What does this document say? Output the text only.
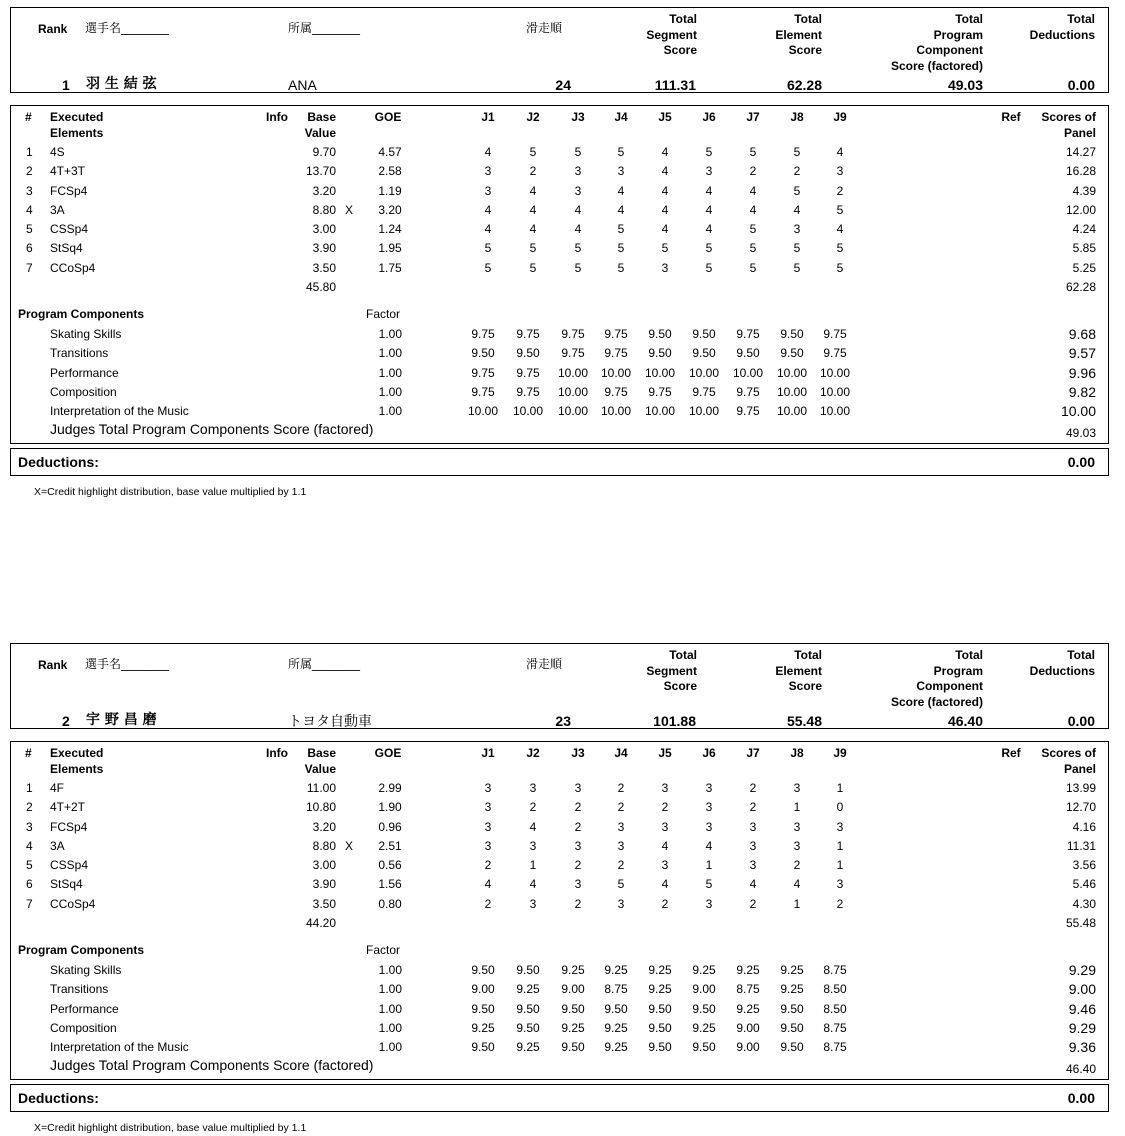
Rank 選手名________	所属________	滑走順
Total
Segment
Score
Total
Element
Score
Total
Program
Component
Score (factored)
Total
Deductions
1 羽 生 結 弦	ANA	24	111.31	62.28	49.03	0.00
# Executed
Elements
Info	Base
Value
GOE	J1	J2	J3	J4	J5	J6	J7	J8	J9	Ref	Scores of
Panel
1 4S	9.70	4.57	4	5	5	5	4	5	5	5	4	14.27
2 4T+3T	13.70	2.58	3	2	3	3	4	3	2	2	3	16.28
3 FCSp4	3.20	1.19	3	4	3	4	4	4	4	5	2	4.39
4 3A	8.80 X	3.20	4	4	4	4	4	4	4	4	5	12.00
5 CSSp4	3.00	1.24	4	4	4	5	4	4	5	3	4	4.24
6 StSq4	3.90	1.95	5	5	5	5	5	5	5	5	5	5.85
7 CCoSp4	3.50	1.75	5	5	5	5	3	5	5	5	5	5.25
45.80	62.28
Program Components	Factor
Skating Skills	1.00	9.75	9.75	9.75	9.75	9.50	9.50	9.75	9.50	9.75	9.68
Transitions	1.00	9.50	9.50	9.75	9.75	9.50	9.50	9.50	9.50	9.75	9.57
Performance	1.00	9.75	9.75	10.00	10.00	10.00	10.00	10.00	10.00	10.00	9.96
Composition	1.00	9.75	9.75	10.00	9.75	9.75	9.75	9.75	10.00	10.00	9.82
Interpretation of the Music	1.00	10.00	10.00	10.00	10.00	10.00	10.00	9.75	10.00	10.00	10.00
Judges Total Program Components Score (factored)	49.03
Deductions:	0.00
X=Credit highlight distribution, base value multiplied by 1.1
Rank 選手名________	所属________	滑走順
Total
Segment
Score
Total
Element
Score
Total
Program
Component
Score (factored)
Total
Deductions
2 宇 野 昌 磨	トヨタ自動車	23	101.88	55.48	46.40	0.00
# Executed
Elements
Info	Base
Value
GOE	J1	J2	J3	J4	J5	J6	J7	J8	J9	Ref	Scores of
Panel
1 4F	11.00	2.99	3	3	3	2	3	3	2	3	1	13.99
2 4T+2T	10.80	1.90	3	2	2	2	2	3	2	1	0	12.70
3 FCSp4	3.20	0.96	3	4	2	3	3	3	3	3	3	4.16
4 3A	8.80 X	2.51	3	3	3	3	4	4	3	3	1	11.31
5 CSSp4	3.00	0.56	2	1	2	2	3	1	3	2	1	3.56
6 StSq4	3.90	1.56	4	4	3	5	4	5	4	4	3	5.46
7 CCoSp4	3.50	0.80	2	3	2	3	2	3	2	1	2	4.30
44.20	55.48
Program Components	Factor
Skating Skills	1.00	9.50	9.50	9.25	9.25	9.25	9.25	9.25	9.25	8.75	9.29
Transitions	1.00	9.00	9.25	9.00	8.75	9.25	9.00	8.75	9.25	8.50	9.00
Performance	1.00	9.50	9.50	9.50	9.50	9.50	9.50	9.25	9.50	8.50	9.46
Composition	1.00	9.25	9.50	9.25	9.25	9.50	9.25	9.00	9.50	8.75	9.29
Interpretation of the Music	1.00	9.50	9.25	9.50	9.25	9.50	9.50	9.00	9.50	8.75	9.36
Judges Total Program Components Score (factored)	46.40
Deductions:	0.00
X=Credit highlight distribution, base value multiplied by 1.1
